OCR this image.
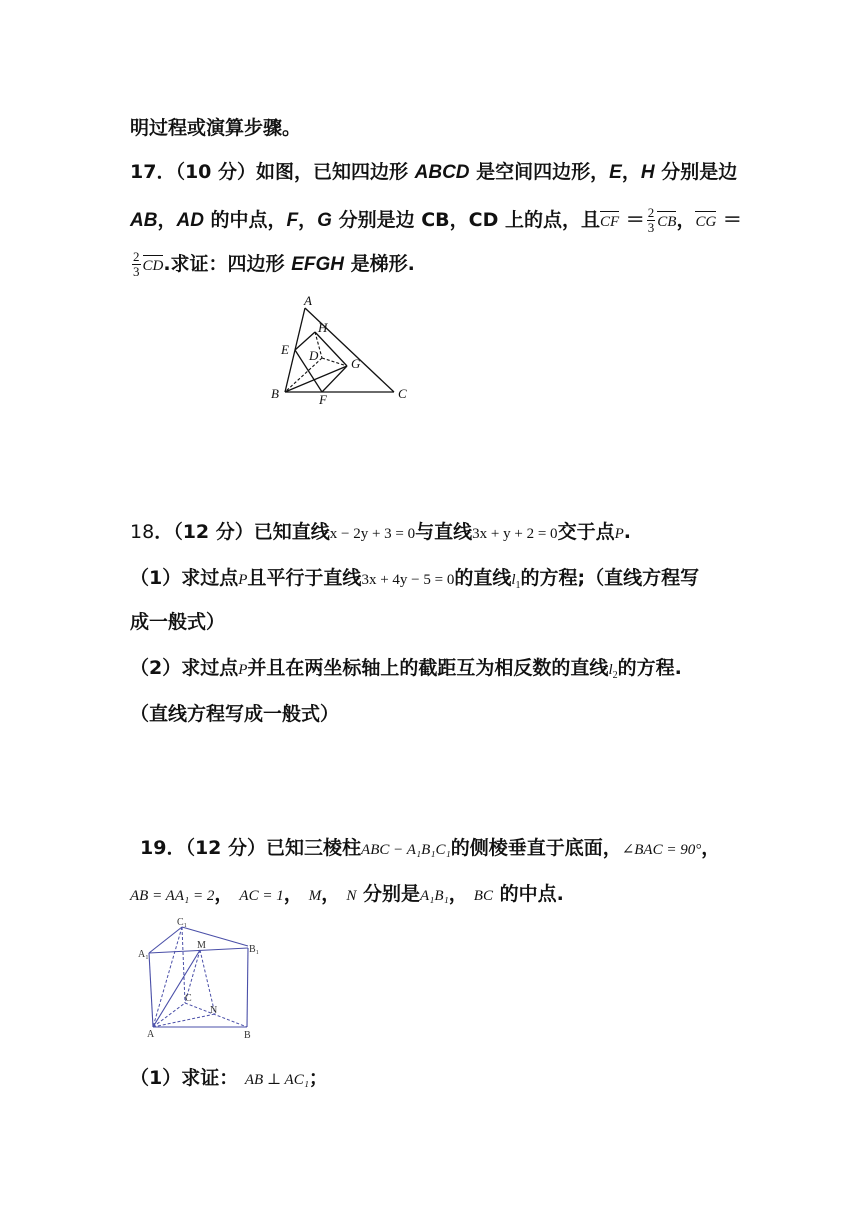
明过程或演算步骤。
17．（10 分）如图，已知四边形 ABCD 是空间四边形，E，H 分别是边
AB，AD 的中点，F，G 分别是边 CB，CD 上的点，且CF ＝ $\frac{2}{3}$ CB，CG ＝
$\frac{2}{3}$ CD.求证：四边形 EFGH 是梯形.
A
H
E D
G
B	F	C
18．（12 分）已知直线x − 2y + 3 = 0与直线3x + y + 2 = 0交于点P.
（1）求过点P且平行于直线3x + 4y − 5 = 0的直线$l_1$的方程;（直线方程写
成一般式）
（2）求过点P并且在两坐标轴上的截距互为相反数的直线$l_2$的方程.
（直线方程写成一般式）
19．（12 分）已知三棱柱ABC − A₁B₁C₁的侧棱垂直于底面，∠BAC = 90°，
AB = AA₁ = 2， AC = 1， M， N 分别是A₁B₁， BC 的中点.
C₁
A₁
M	B₁
C
N
A	B
（1）求证： AB ⊥ AC₁；
